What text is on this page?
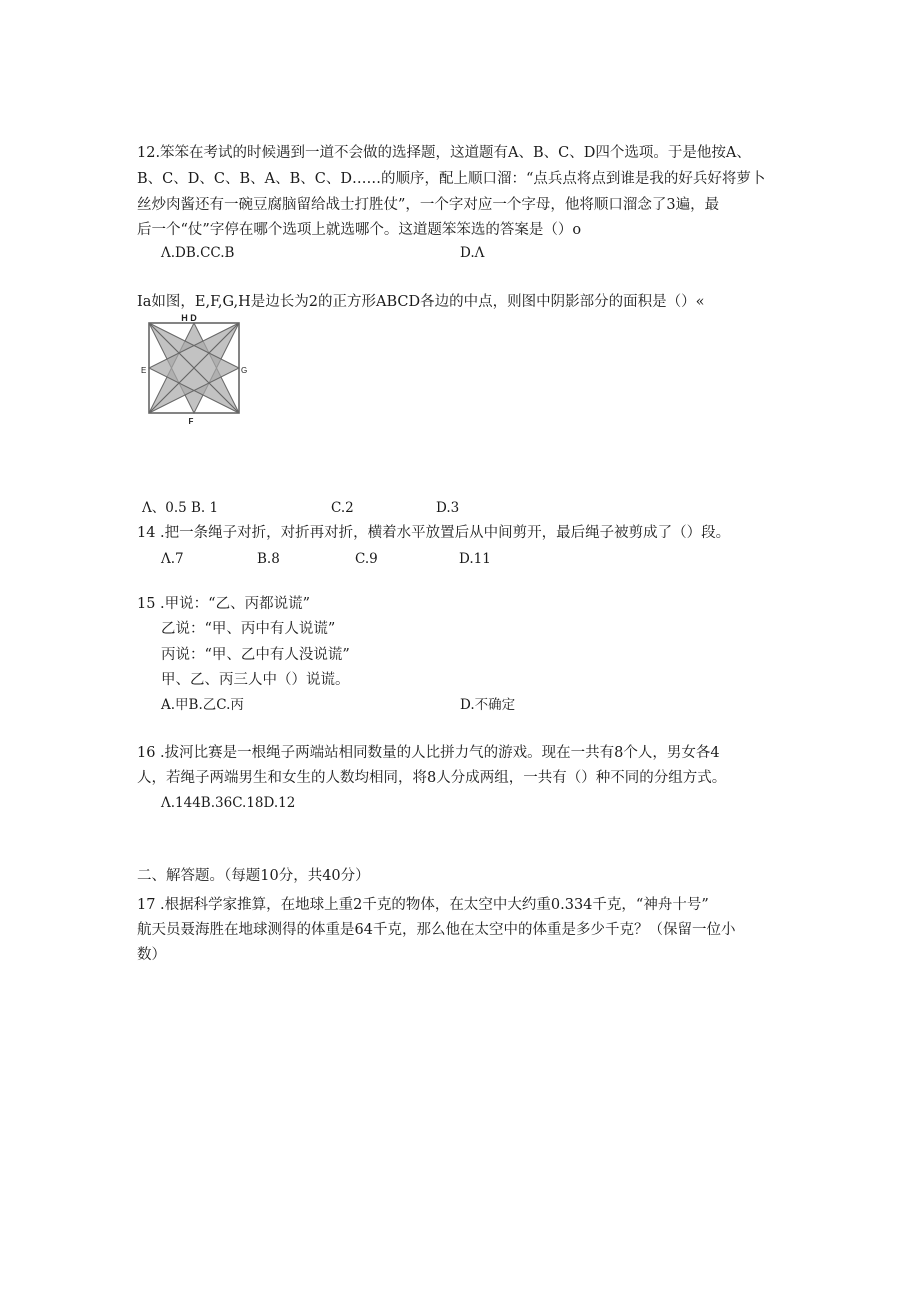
12.笨笨在考试的时候遇到一道不会做的选择题，这道题有A、B、C、D四个选项。于是他按A、
B、C、D、C、B、A、B、C、D……的顺序，配上顺口溜：“点兵点将点到谁是我的好兵好将萝卜
丝炒肉酱还有一碗豆腐脑留给战士打胜仗”，一个字对应一个字母，他将顺口溜念了3遍，最
后一个“仗”字停在哪个选项上就选哪个。这道题笨笨选的答案是（）o
Λ.DB.CC.B	D.Λ
Ia如图，E,F,G,H是边长为2的正方形ABCD各边的中点，则图中阴影部分的面积是（）«
H D
E	G
F
Λ、0.5 B. 1	C.2	D.3
14 .把一条绳子对折，对折再对折，横着水平放置后从中间剪开，最后绳子被剪成了（）段。
Λ.7	B.8	C.9	D.11
15 .甲说：“乙、丙都说谎”
乙说：“甲、丙中有人说谎”
丙说：“甲、乙中有人没说谎”
甲、乙、丙三人中（）说谎。
A.甲B.乙C.丙	D.不确定
16 .拔河比赛是一根绳子两端站相同数量的人比拼力气的游戏。现在一共有8个人，男女各4
人，若绳子两端男生和女生的人数均相同，将8人分成两组，一共有（）种不同的分组方式。
Λ.144B.36C.18D.12
二、解答题。（每题10分，共40分）
17 .根据科学家推算，在地球上重2千克的物体，在太空中大约重0.334千克，“神舟十号”
航天员聂海胜在地球测得的体重是64千克，那么他在太空中的体重是多少千克？（保留一位小
数）
